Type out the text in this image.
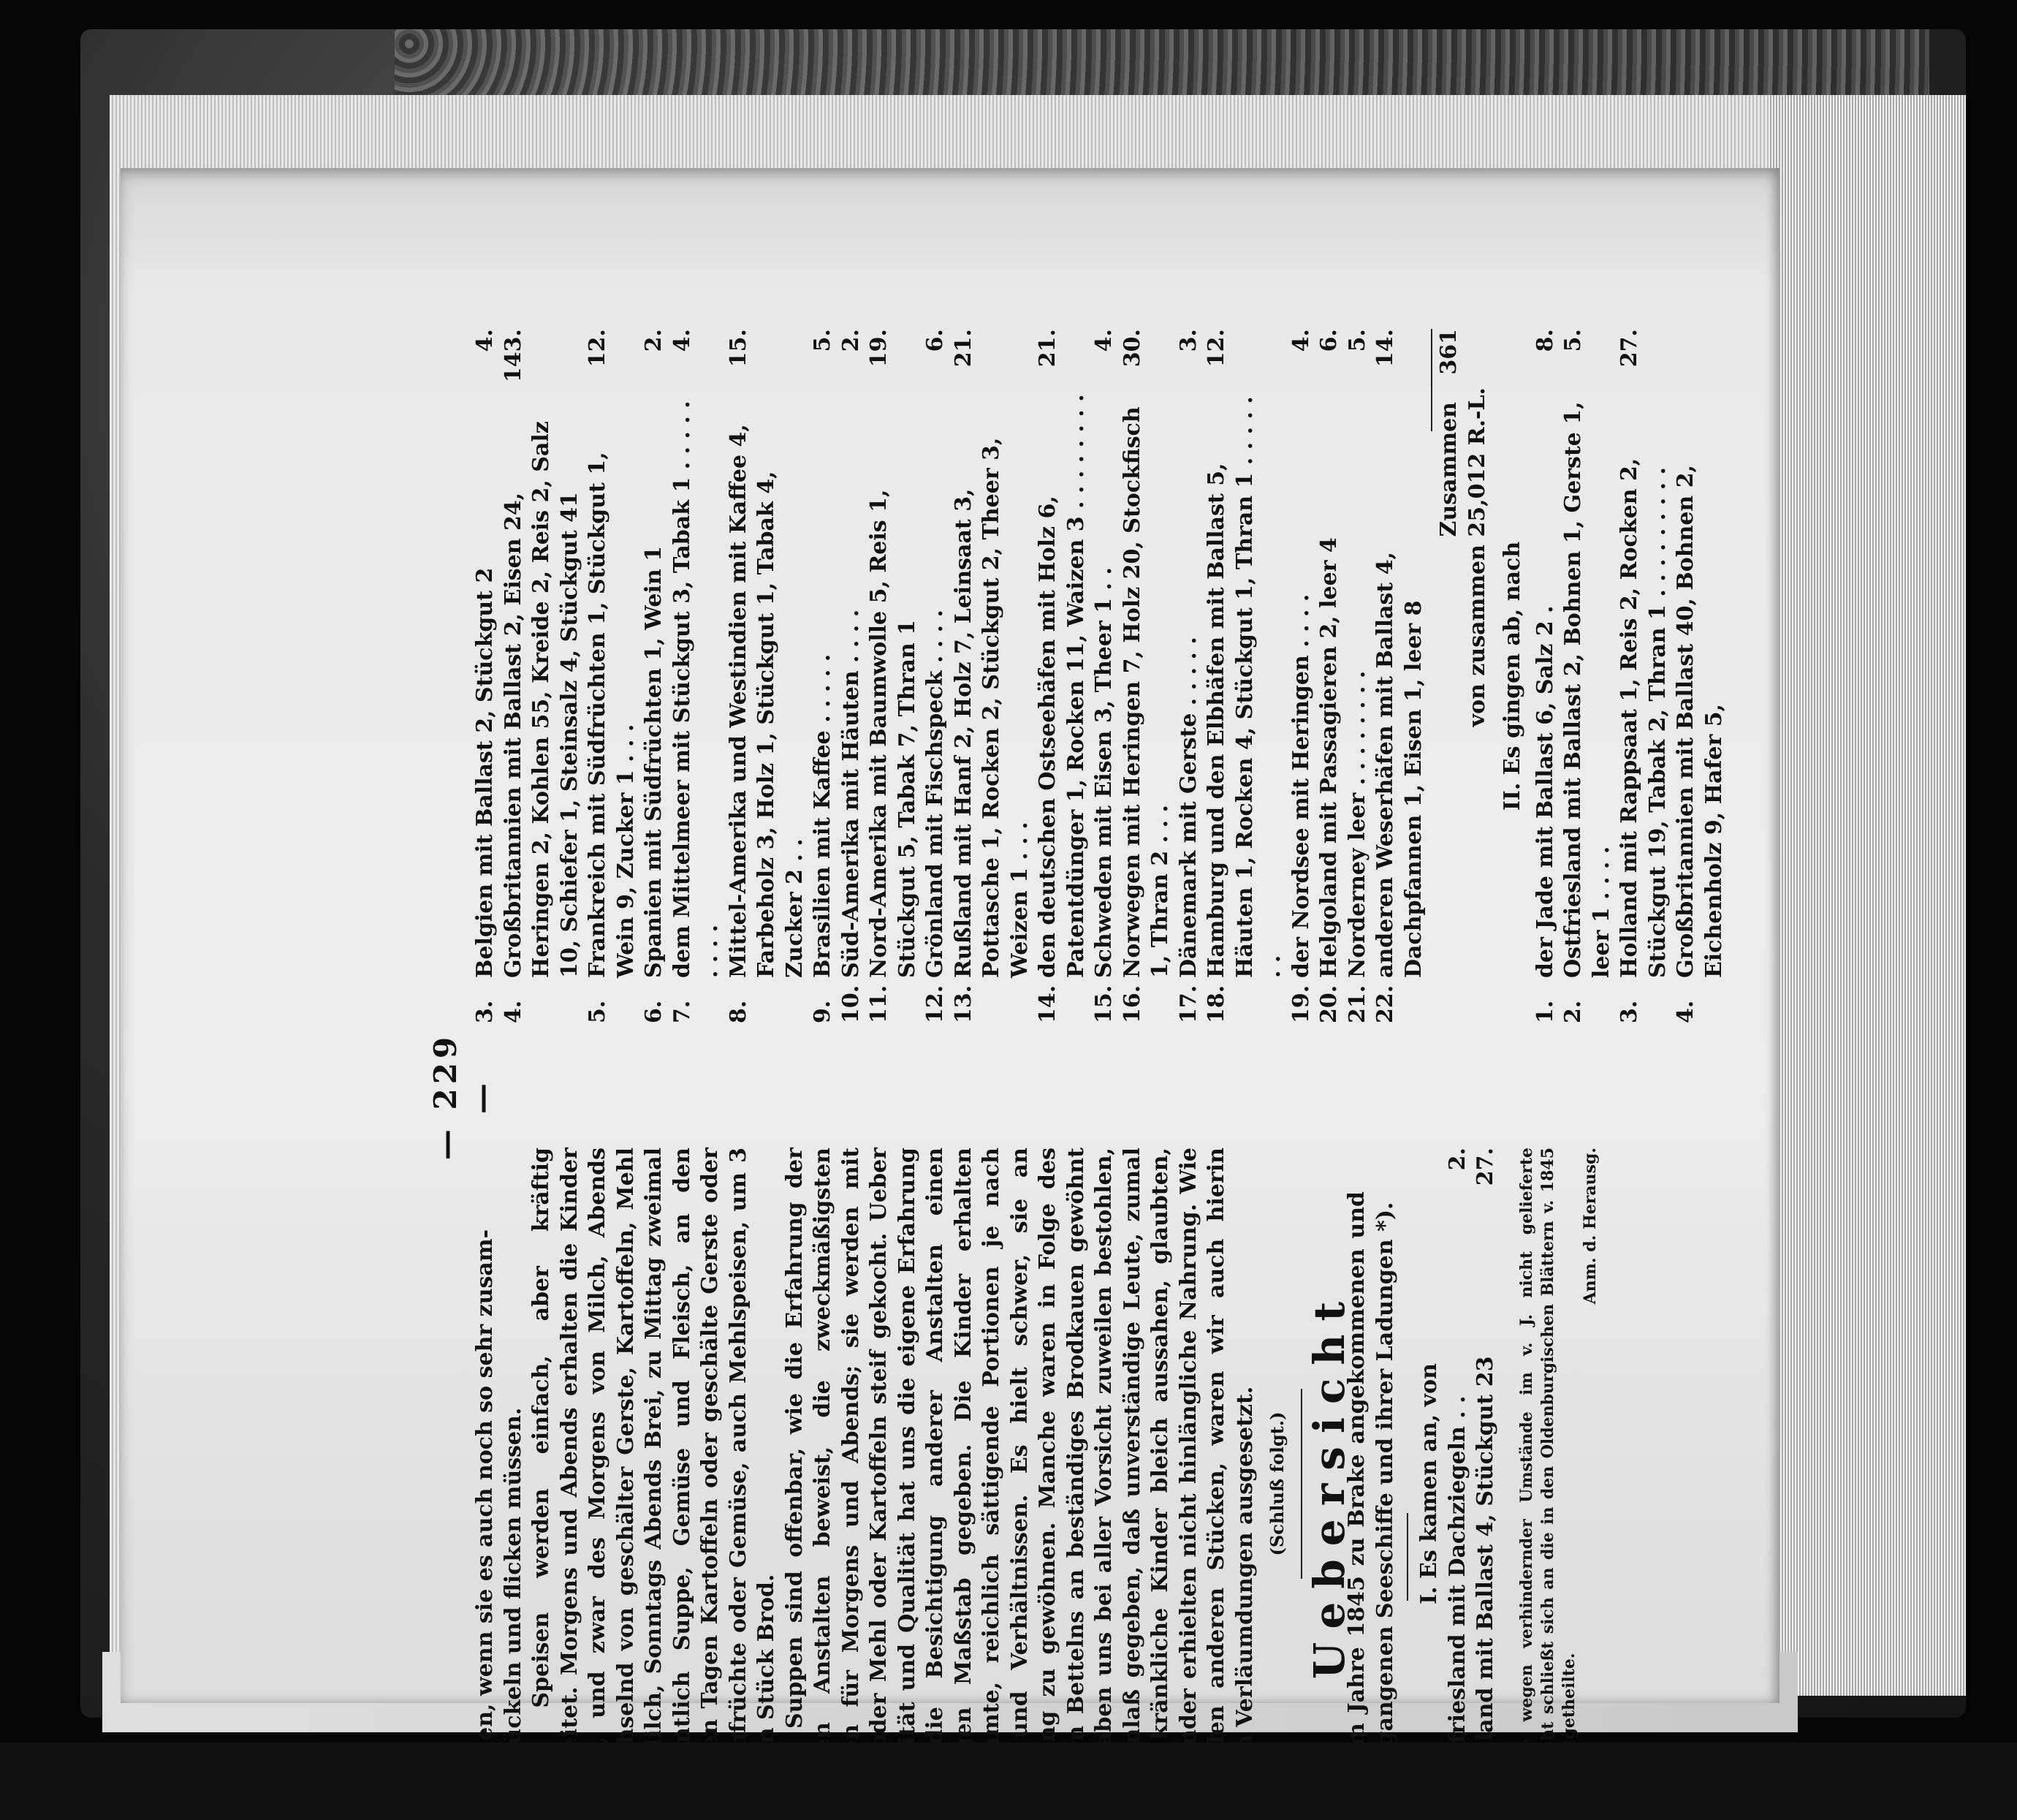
— 229 —

schämen, wenn sie es auch noch so sehr zusam- menstückeln und flicken müssen. Die Speisen werden einfach, aber kräftig zubereitet. Morgens und Abends erhalten die Kinder Suppe, und zwar des Morgens von Milch, Abends abwechselnd von geschälter Gerste, Kartoffeln, Mehl und Milch, Sonntags Abends Brei, zu Mittag zweimal wöchentlich Suppe, Gemüse und Fleisch, an den anderen Tagen Kartoffeln oder geschälte Gerste oder Hülsenfrüchte oder Gemüse, auch Mehlspeisen, um 3 Uhr ein Stück Brod. Die Suppen sind offenbar, wie die Erfahrung der meisten Anstalten beweist, die zweckmäßigsten Speisen für Morgens und Abends; sie werden mit Brod oder Mehl oder Kartoffeln steif gekocht. Ueber Quantität und Qualität hat uns die eigene Erfahrung und die Besichtigung anderer Anstalten einen richtigen Maßstab gegeben. Die Kinder erhalten bestimmte, reichlich sättigende Portionen je nach Alter und Verhältnissen. Es hielt schwer, sie an Ordnung zu gewöhnen. Manche waren in Folge des frühern Bettelns an beständiges Brodkauen gewöhnt und haben uns bei aller Vorsicht zuweilen bestohlen, und Anlaß gegeben, daß unverständige Leute, zumal wenn kränkliche Kinder bleich aussahen, glaubten, die Kinder erhielten nicht hinlängliche Nahrung. Wie in vielen anderen Stücken, waren wir auch hierin bittern Verläumdungen ausgesetzt. (Schluß folgt.) Uebersicht

der im Jahre 1845 zu Brake angekommenen und abgegangenen Seeschiffe und ihrer Ladungen *). I. Es kamen an, von

1.
Ostfriesland mit Dachziegeln . .
2.
2.
Holland mit Ballast 4, Stückgut 23
27. *) Diese wegen verhindernder Umstände im v. J. nicht gelieferte Uebersicht schließt sich an die in den Oldenburgischen Blättern v. 1845 S. 95 mitgetheilte.

Anm. d. Herausg.

3.
Belgien mit Ballast 2, Stückgut 2
4.
4.
Großbritannien mit Ballast 2, Eisen 24, Heringen 2, Kohlen 55, Kreide 2, Reis 2, Salz 10, Schiefer 1, Steinsalz 4, Stückgut 41
143.
5.
Frankreich mit Südfrüchten 1, Stückgut 1, Wein 9, Zucker 1 . . .
12.
6.
Spanien mit Südfrüchten 1, Wein 1
2.
7.
dem Mittelmeer mit Stückgut 3, Tabak 1 . . . . . . . . .
4.
8.
Mittel-Amerika und Westindien mit Kaffee 4, Farbeholz 3, Holz 1, Stückgut 1, Tabak 4, Zucker 2 . .
15.
9.
Brasilien mit Kaffee . . . . .
5.
10.
Süd-Amerika mit Häuten . . . .
2.
11.
Nord-Amerika mit Baumwolle 5, Reis 1, Stückgut 5, Tabak 7, Thran 1
19.
12.
Grönland mit Fischspeck . . . .
6.
13.
Rußland mit Hanf 2, Holz 7, Leinsaat 3, Pottasche 1, Rocken 2, Stückgut 2, Theer 3, Weizen 1 . . .
21.
14.
den deutschen Ostseehäfen mit Holz 6, Patentdünger 1, Rocken 11, Waizen 3 . . . . . . . .
21.
15.
Schweden mit Eisen 3, Theer 1 . .
4.
16.
Norwegen mit Heringen 7, Holz 20, Stockfisch 1, Thran 2 . . .
30.
17.
Dänemark mit Gerste . . . . .
3.
18.
Hamburg und den Elbhäfen mit Ballast 5, Häuten 1, Rocken 4, Stückgut 1, Thran 1 . . . . . . .
12.
19.
der Nordsee mit Heringen . . . .
4.
20.
Helgoland mit Passagieren 2, leer 4
6.
21.
Norderney leer . . . . . . . .
5.
22.
anderen Weserhäfen mit Ballast 4, Dachpfannen 1, Eisen 1, leer 8
14.
Zusammen
361
von zusammen 25,012 R.-L. II. Es gingen ab, nach
1.
der Jade mit Ballast 6, Salz 2 .
8.
2.
Ostfriesland mit Ballast 2, Bohnen 1, Gerste 1, leer 1 . . . .
5.
3.
Holland mit Rappsaat 1, Reis 2, Rocken 2, Stückgut 19, Tabak 2, Thran 1 . . . . . . . . .
27.
4.
Großbritannien mit Ballast 40, Bohnen 2, Eichenholz 9, Hafer 5,
